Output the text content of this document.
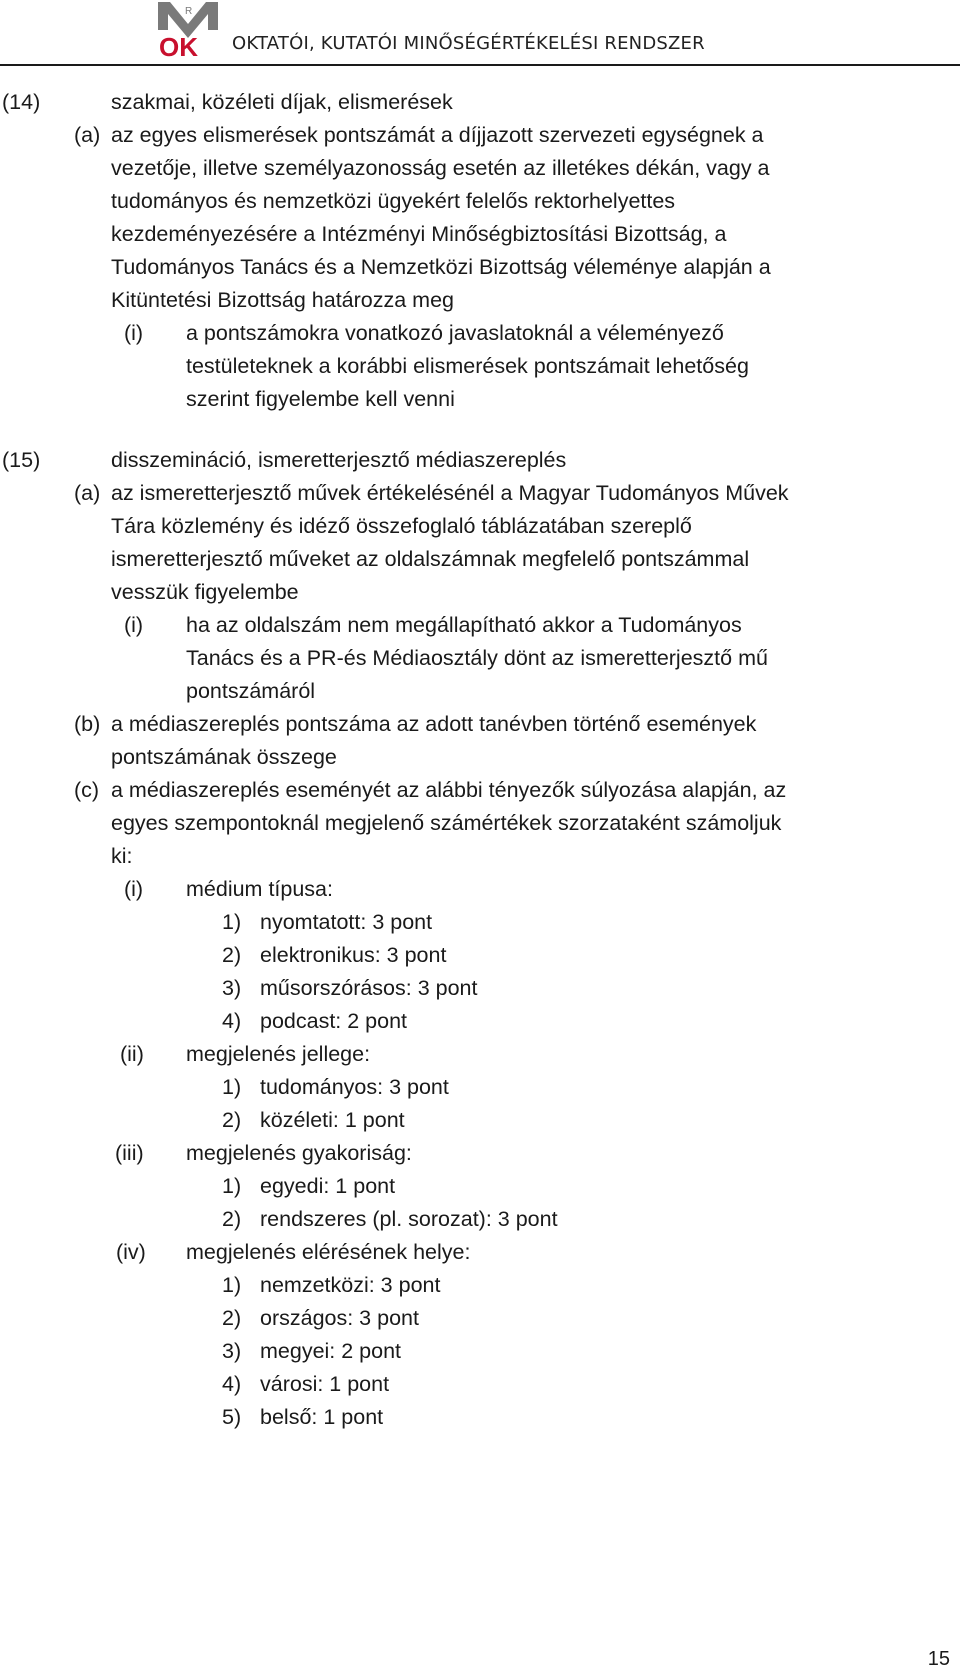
R
OK OKTATÓI, KUTATÓI MINŐSÉGÉRTÉKELÉSI RENDSZER
(14)	szakmai, közéleti díjak, elismerések
(a) az egyes elismerések pontszámát a díjjazott szervezeti egységnek a
vezetője, illetve személyazonosság esetén az illetékes dékán, vagy a
tudományos és nemzetközi ügyekért felelős rektorhelyettes
kezdeményezésére a Intézményi Minőségbiztosítási Bizottság, a
Tudományos Tanács és a Nemzetközi Bizottság véleménye alapján a
Kitüntetési Bizottság határozza meg
(i) a pontszámokra vonatkozó javaslatoknál a véleményező
testületeknek a korábbi elismerések pontszámait lehetőség
szerint figyelembe kell venni
(15)	disszemináció, ismeretterjesztő médiaszereplés
(a) az ismeretterjesztő művek értékelésénél a Magyar Tudományos Művek
Tára közlemény és idéző összefoglaló táblázatában szereplő
ismeretterjesztő műveket az oldalszámnak megfelelő pontszámmal
vesszük figyelembe
(i) ha az oldalszám nem megállapítható akkor a Tudományos
Tanács és a PR-és Médiaosztály dönt az ismeretterjesztő mű
pontszámáról
(b) a médiaszereplés pontszáma az adott tanévben történő események
pontszámának összege
(c) a médiaszereplés eseményét az alábbi tényezők súlyozása alapján, az
egyes szempontoknál megjelenő számértékek szorzataként számoljuk
ki:
(i) médium típusa:
1) nyomtatott: 3 pont
2) elektronikus: 3 pont
3) műsorszórásos: 3 pont
4) podcast: 2 pont
(ii) megjelenés jellege:
1) tudományos: 3 pont
2) közéleti: 1 pont
(iii) megjelenés gyakoriság:
1) egyedi: 1 pont
2) rendszeres (pl. sorozat): 3 pont
(iv) megjelenés elérésének helye:
1) nemzetközi: 3 pont
2) országos: 3 pont
3) megyei: 2 pont
4) városi: 1 pont
5) belső: 1 pont
15
